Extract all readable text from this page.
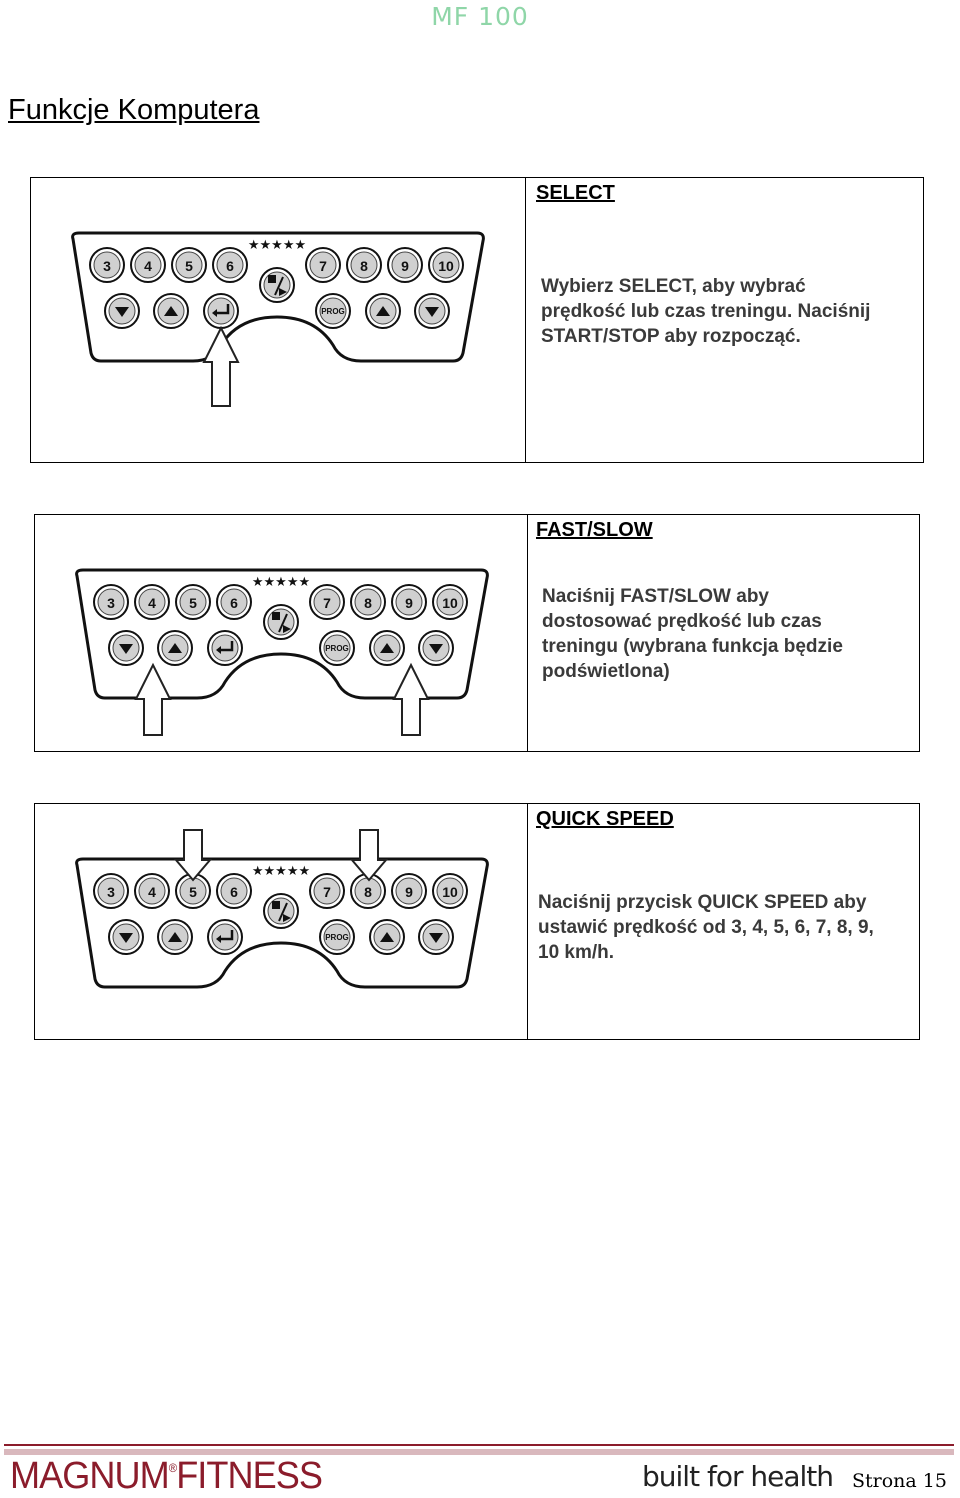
MF 100
Funkcje Komputera
★★★★★
3 4 5 6	7 8 9 10
PROG
SELECT
Wybierz SELECT, aby wybrać
prędkość lub czas treningu. Naciśnij
START/STOP aby rozpocząć.
★★★★★
3 4 5 6	7 8 9 10
PROG
FAST/SLOW
Naciśnij FAST/SLOW aby
dostosować prędkość lub czas
treningu (wybrana funkcja będzie
podświetlona)
★★★★★
3 4 5 6	7 8 9 10
PROG
QUICK SPEED
Naciśnij przycisk QUICK SPEED aby
ustawić prędkość od 3, 4, 5, 6, 7, 8, 9,
10 km/h.
MAGNUM®FITNESS	built for health Strona 15
